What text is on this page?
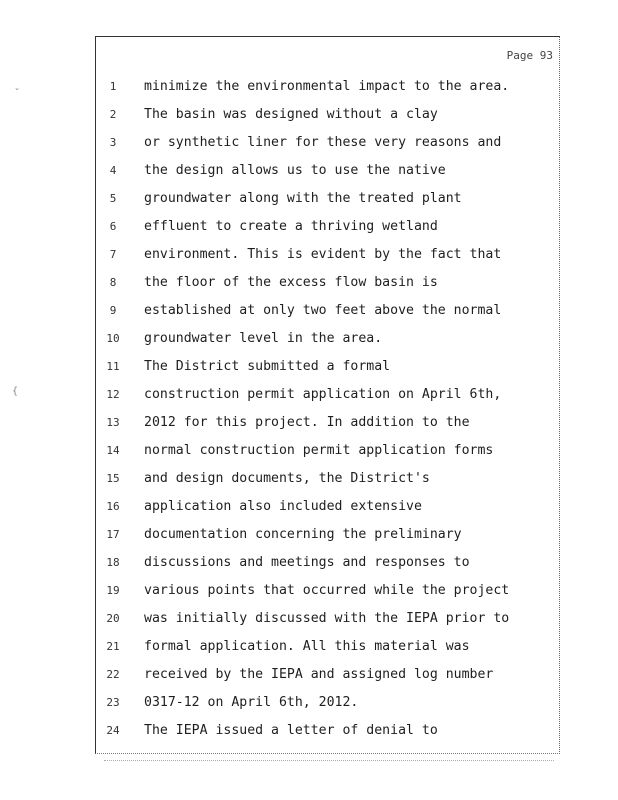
Page 93
1	minimize the environmental impact to the area.
2	The basin was designed without a clay
3	or synthetic liner for these very reasons and
4	the design allows us to use the native
5	groundwater along with the treated plant
6	effluent to create a thriving wetland
7	environment. This is evident by the fact that
8	the floor of the excess flow basin is
9	established at only two feet above the normal
10	groundwater level in the area.
11	The District submitted a formal
12	construction permit application on April 6th,
13	2012 for this project. In addition to the
14	normal construction permit application forms
15	and design documents, the District's
16	application also included extensive
17	documentation concerning the preliminary
18	discussions and meetings and responses to
19	various points that occurred while the project
20	was initially discussed with the IEPA prior to
21	formal application. All this material was
22	received by the IEPA and assigned log number
23	0317-12 on April 6th, 2012.
24	The IEPA issued a letter of denial to
ˇ
{
